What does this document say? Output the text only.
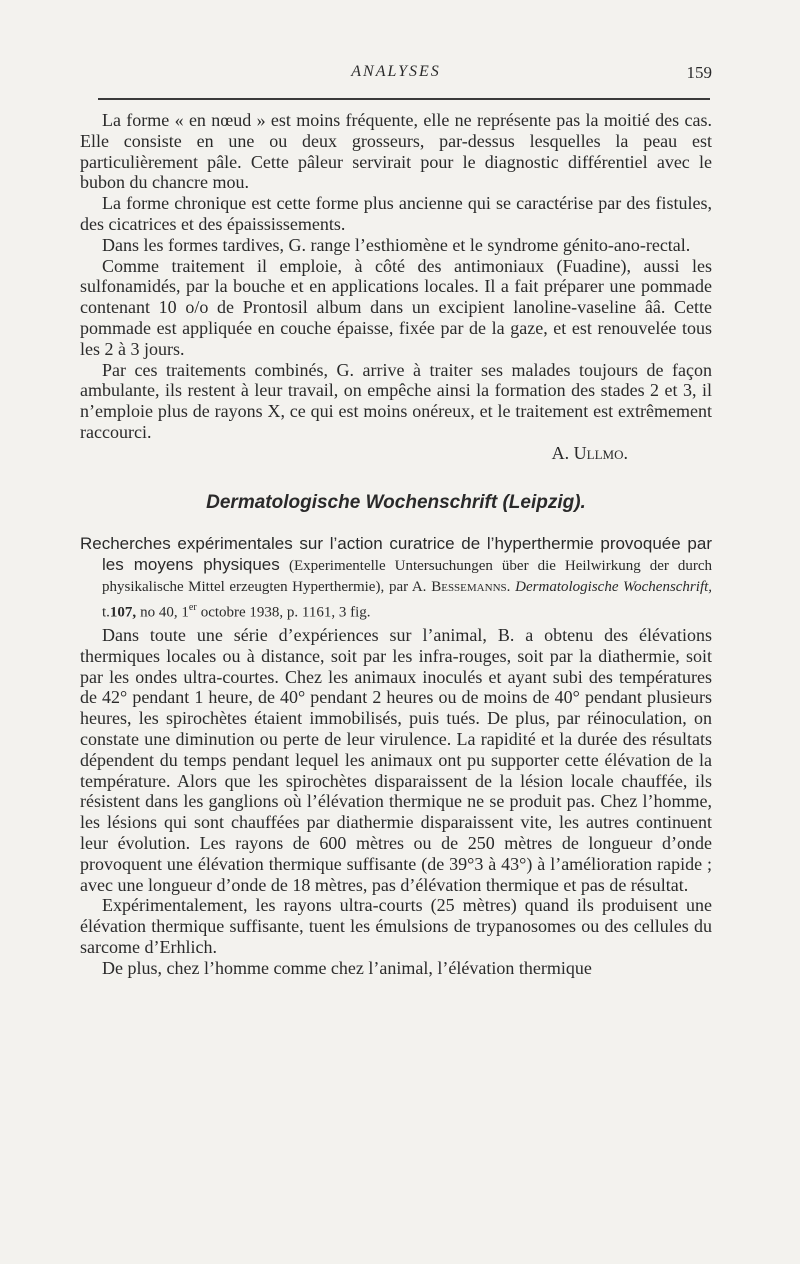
ANALYSES	159

La forme « en nœud » est moins fréquente, elle ne représente pas la moitié des cas. Elle consiste en une ou deux grosseurs, par-dessus lesquelles la peau est particulièrement pâle. Cette pâleur servirait pour le diagnostic différentiel avec le bubon du chancre mou.

La forme chronique est cette forme plus ancienne qui se caractérise par des fistules, des cicatrices et des épaississements.

Dans les formes tardives, G. range l’esthiomène et le syndrome génito-ano-rectal.

Comme traitement il emploie, à côté des antimoniaux (Fuadine), aussi les sulfonamidés, par la bouche et en applications locales. Il a fait préparer une pommade contenant 10 o/o de Prontosil album dans un excipient lanoline-vaseline ââ. Cette pommade est appliquée en couche épaisse, fixée par de la gaze, et est renouvelée tous les 2 à 3 jours.

Par ces traitements combinés, G. arrive à traiter ses malades toujours de façon ambulante, ils restent à leur travail, on empêche ainsi la formation des stades 2 et 3, il n’emploie plus de rayons X, ce qui est moins onéreux, et le traitement est extrêmement raccourci.

A. Ullmo.
Dermatologische Wochenschrift (Leipzig).
Recherches expérimentales sur l’action curatrice de l’hyperthermie provoquée par les moyens physiques (Experimentelle Untersuchungen über die Heilwirkung der durch physikalische Mittel erzeugten Hyperthermie), par A. Bessemanns. Dermatologische Wochenschrift, t.107, no 40, 1er octobre 1938, p. 1161, 3 fig.

Dans toute une série d’expériences sur l’animal, B. a obtenu des élévations thermiques locales ou à distance, soit par les infra-rouges, soit par la diathermie, soit par les ondes ultra-courtes. Chez les animaux inoculés et ayant subi des températures de 42° pendant 1 heure, de 40° pendant 2 heures ou de moins de 40° pendant plusieurs heures, les spirochètes étaient immobilisés, puis tués. De plus, par réinoculation, on constate une diminution ou perte de leur virulence. La rapidité et la durée des résultats dépendent du temps pendant lequel les animaux ont pu supporter cette élévation de la température. Alors que les spirochètes disparaissent de la lésion locale chauffée, ils résistent dans les ganglions où l’élévation thermique ne se produit pas. Chez l’homme, les lésions qui sont chauffées par diathermie disparaissent vite, les autres continuent leur évolution. Les rayons de 600 mètres ou de 250 mètres de longueur d’onde provoquent une élévation thermique suffisante (de 39°3 à 43°) à l’amélioration rapide ; avec une longueur d’onde de 18 mètres, pas d’élévation thermique et pas de résultat.

Expérimentalement, les rayons ultra-courts (25 mètres) quand ils produisent une élévation thermique suffisante, tuent les émulsions de trypanosomes ou des cellules du sarcome d’Erhlich.

De plus, chez l’homme comme chez l’animal, l’élévation thermique
